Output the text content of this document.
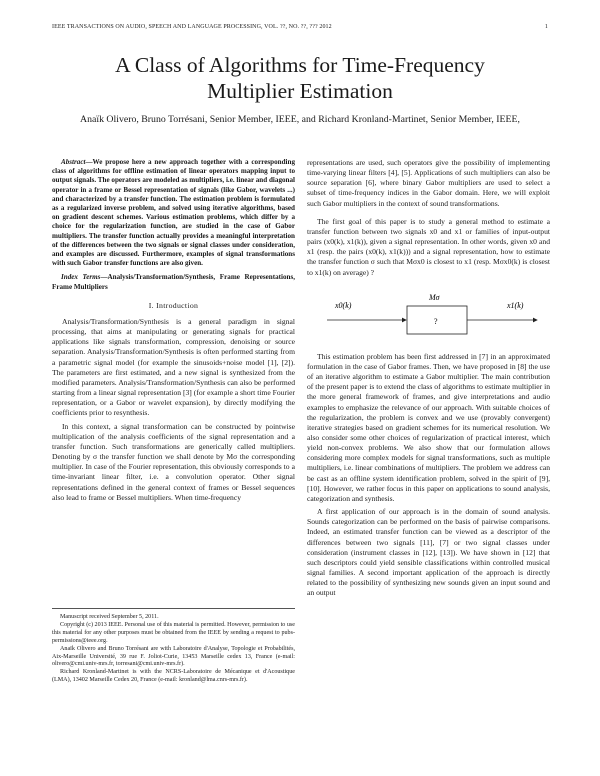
IEEE TRANSACTIONS ON AUDIO, SPEECH AND LANGUAGE PROCESSING, VOL. ??, NO. ??, ??? 2012	1
A Class of Algorithms for Time-Frequency
Multiplier Estimation
Anaïk Olivero, Bruno Torrésani, Senior Member, IEEE, and Richard Kronland-Martinet, Senior Member, IEEE,

Abstract—We propose here a new approach together with a corresponding class of algorithms for offline estimation of linear operators mapping input to output signals. The operators are modeled as multipliers, i.e. linear and diagonal operator in a frame or Bessel representation of signals (like Gabor, wavelets ...) and characterized by a transfer function. The estimation problem is formulated as a regularized inverse problem, and solved using iterative algorithms, based on gradient descent schemes. Various estimation problems, which differ by a choice for the regularization function, are studied in the case of Gabor multipliers. The transfer function actually provides a meaningful interpretation of the differences between the two signals or signal classes under consideration, and examples are discussed. Furthermore, examples of signal transformations with such Gabor transfer functions are also given.

Index Terms—Analysis/Transformation/Synthesis, Frame Representations, Frame Multipliers

I. Introduction

Analysis/Transformation/Synthesis is a general paradigm in signal processing, that aims at manipulating or generating signals for practical applications like signals transformation, compression, denoising or source separation. Analysis/Transformation/Synthesis is often performed starting from a parametric signal model (for example the sinusoids+noise model [1], [2]). The parameters are first estimated, and a new signal is synthesized from the modified parameters. Analysis/Transformation/Synthesis can also be performed starting from a linear signal representation [3] (for example a short time Fourier representation, or a Gabor or wavelet expansion), by directly modifying the coefficients prior to resynthesis.

In this context, a signal transformation can be constructed by pointwise multiplication of the analysis coefficients of the signal representation and a transfer function. Such transformations are generically called multipliers. Denoting by σ the transfer function we shall denote by Mσ the corresponding multiplier. In case of the Fourier representation, this obviously corresponds to a time-invariant linear filter, i.e. a convolution operator. Other signal representations defined in the general context of frames or Bessel sequences also lead to frame or Bessel multipliers. When time-frequency

Manuscript received September 5, 2011.

Copyright (c) 2013 IEEE. Personal use of this material is permitted. However, permission to use this material for any other purposes must be obtained from the IEEE by sending a request to pubs-permissions@ieee.org.

Anaïk Olivero and Bruno Torrésani are with Laboratoire d'Analyse, Topologie et Probabilités, Aix-Marseille Université, 39 rue F. Joliot-Curie, 13453 Marseille cedex 13, France (e-mail: olivero@cmi.univ-mrs.fr, torresani@cmi.univ-mrs.fr).

Richard Kronland-Martinet is with the NCRS-Laboratoire de Mécanique et d'Acoustique (LMA), 13402 Marseille Cedex 20, France (e-mail: kronland@lma.cnrs-mrs.fr).

representations are used, such operators give the possibility of implementing time-varying linear filters [4], [5]. Applications of such multipliers can also be source separation [6], where binary Gabor multipliers are used to select a subset of time-frequency indices in the Gabor domain. Here, we will exploit such Gabor multipliers in the context of sound transformations.

The first goal of this paper is to study a general method to estimate a transfer function between two signals x0 and x1 or families of input-output pairs (x0(k), x1(k)), given a signal representation. In other words, given x0 and x1 (resp. the pairs (x0(k), x1(k))) and a signal representation, how to estimate the transfer function σ such that Mσx0 is closest to x1 (resp. Mσx0(k) is closest to x1(k) on average) ?

x0(k)
Mσ
?
x1(k)

This estimation problem has been first addressed in [7] in an approximated formulation in the case of Gabor frames. Then, we have proposed in [8] the use of an iterative algorithm to estimate a Gabor multiplier. The main contribution of the present paper is to extend the class of algorithms to estimate multiplier in the more general framework of frames, and give interpretations and audio examples to emphasize the relevance of our approach. With suitable choices of the regularization, the problem is convex and we use (provably convergent) iterative strategies based on gradient schemes for its numerical resolution. We also consider some other choices of regularization of practical interest, which yield non-convex problems. We also show that our formulation allows considering more complex models for signal transformations, such as multiple multipliers, i.e. linear combinations of multipliers. The problem we address can be cast as an offline system identification problem, solved in the spirit of [9], [10]. However, we rather focus in this paper on applications to sound analysis, categorization and synthesis.

A first application of our approach is in the domain of sound analysis. Sounds categorization can be performed on the basis of pairwise comparisons. Indeed, an estimated transfer function can be viewed as a descriptor of the differences between two signals [11], [7] or two signal classes under consideration (instrument classes in [12], [13]). We have shown in [12] that such descriptors could yield sensible classifications within controlled musical signal families. A second important application of the approach is directly related to the possibility of synthesizing new sounds given an input sound and an output
